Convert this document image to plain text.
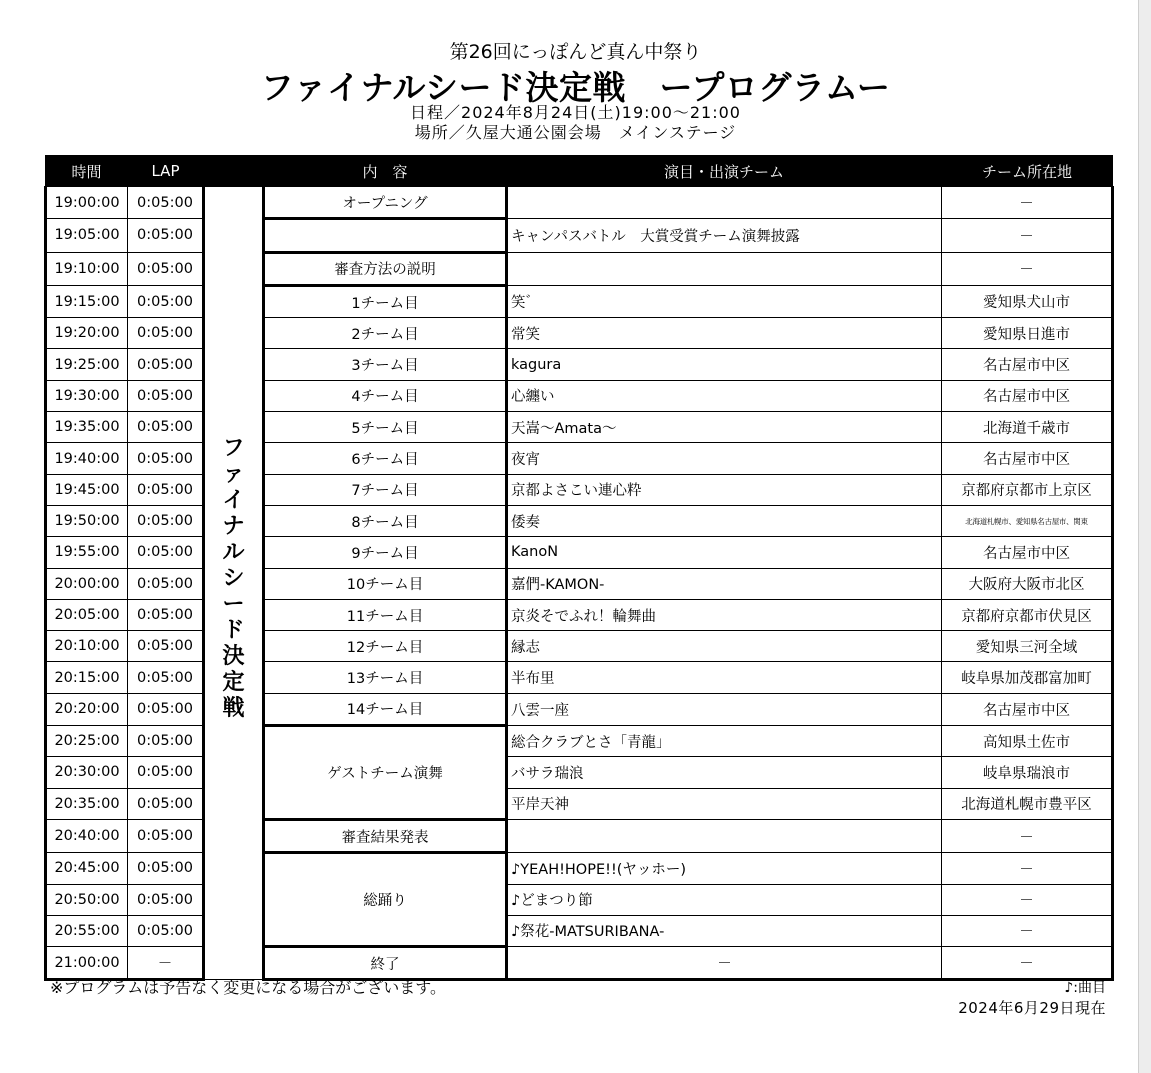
第26回にっぽんど真ん中祭り
ファイナルシード決定戦　ープログラムー
日程／2024年8月24日(土)19:00〜21:00
場所／久屋大通公園会場　メインステージ
時間	LAP		内　容	演目・出演チーム	チーム所在地
19:00:00	0:05:00	ファイナルシード決定戦	オープニング		－
19:05:00	0:05:00			キャンパスバトル　大賞受賞チーム演舞披露	－
19:10:00	0:05:00		審査方法の説明		－
19:15:00	0:05:00		1チーム目	笑゛	愛知県犬山市
19:20:00	0:05:00		2チーム目	常笑	愛知県日進市
19:25:00	0:05:00		3チーム目	kagura	名古屋市中区
19:30:00	0:05:00		4チーム目	心纏い	名古屋市中区
19:35:00	0:05:00		5チーム目	天嵩〜Amata〜	北海道千歳市
19:40:00	0:05:00		6チーム目	夜宵	名古屋市中区
19:45:00	0:05:00		7チーム目	京都よさこい連心粋	京都府京都市上京区
19:50:00	0:05:00		8チーム目	倭奏	北海道札幌市、愛知県名古屋市、関東
19:55:00	0:05:00		9チーム目	KanoN	名古屋市中区
20:00:00	0:05:00		10チーム目	嘉們-KAMON-	大阪府大阪市北区
20:05:00	0:05:00		11チーム目	京炎そでふれ！輪舞曲	京都府京都市伏見区
20:10:00	0:05:00		12チーム目	縁志	愛知県三河全域
20:15:00	0:05:00		13チーム目	半布里	岐阜県加茂郡富加町
20:20:00	0:05:00		14チーム目	八雲一座	名古屋市中区
20:25:00	0:05:00		ゲストチーム演舞	総合クラブとさ「青龍」	高知県土佐市
20:30:00	0:05:00			バサラ瑞浪	岐阜県瑞浪市
20:35:00	0:05:00			平岸天神	北海道札幌市豊平区
20:40:00	0:05:00		審査結果発表		－
20:45:00	0:05:00		総踊り	♪YEAH!HOPE!!(ヤッホー)	－
20:50:00	0:05:00			♪どまつり節	－
20:55:00	0:05:00			♪祭花-MATSURIBANA-	－
21:00:00	－		終了	－	－
※プログラムは予告なく変更になる場合がございます。	♪:曲目
2024年6月29日現在
